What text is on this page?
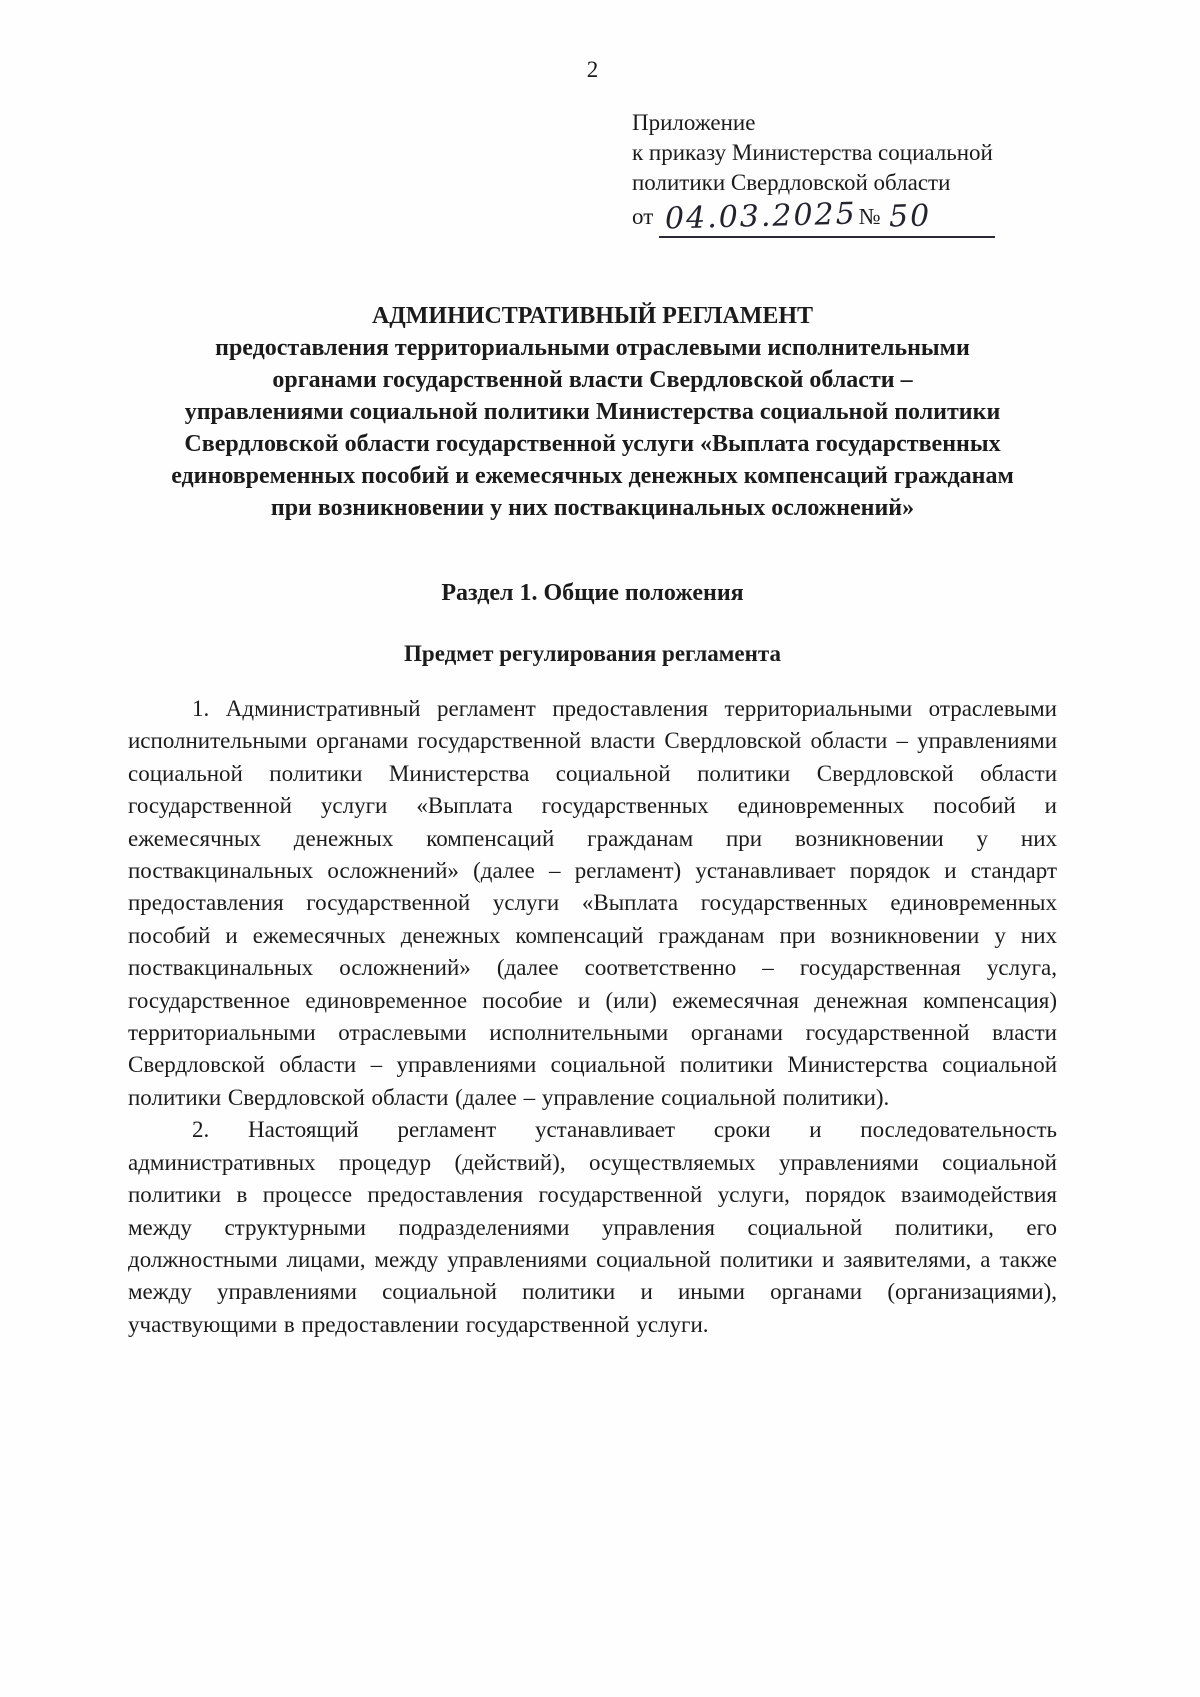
2
Приложение
к приказу Министерства социальной
политики Свердловской области
от 04.03.2025№ 50
АДМИНИСТРАТИВНЫЙ РЕГЛАМЕНТ
предоставления территориальными отраслевыми исполнительными
органами государственной власти Свердловской области –
управлениями социальной политики Министерства социальной политики
Свердловской области государственной услуги «Выплата государственных
единовременных пособий и ежемесячных денежных компенсаций гражданам
при возникновении у них поствакцинальных осложнений»
Раздел 1. Общие положения
Предмет регулирования регламента

1. Административный регламент предоставления территориальными отраслевыми исполнительными органами государственной власти Свердловской области – управлениями социальной политики Министерства социальной политики Свердловской области государственной услуги «Выплата государственных единовременных пособий и ежемесячных денежных компенсаций гражданам при возникновении у них поствакцинальных осложнений» (далее – регламент) устанавливает порядок и стандарт предоставления государственной услуги «Выплата государственных единовременных пособий и ежемесячных денежных компенсаций гражданам при возникновении у них поствакцинальных осложнений» (далее соответственно – государственная услуга, государственное единовременное пособие и (или) ежемесячная денежная компенсация) территориальными отраслевыми исполнительными органами государственной власти Свердловской области – управлениями социальной политики Министерства социальной политики Свердловской области (далее – управление социальной политики).

2. Настоящий регламент устанавливает сроки и последовательность административных процедур (действий), осуществляемых управлениями социальной политики в процессе предоставления государственной услуги, порядок взаимодействия между структурными подразделениями управления социальной политики, его должностными лицами, между управлениями социальной политики и заявителями, а также между управлениями социальной политики и иными органами (организациями), участвующими в предоставлении государственной услуги.
